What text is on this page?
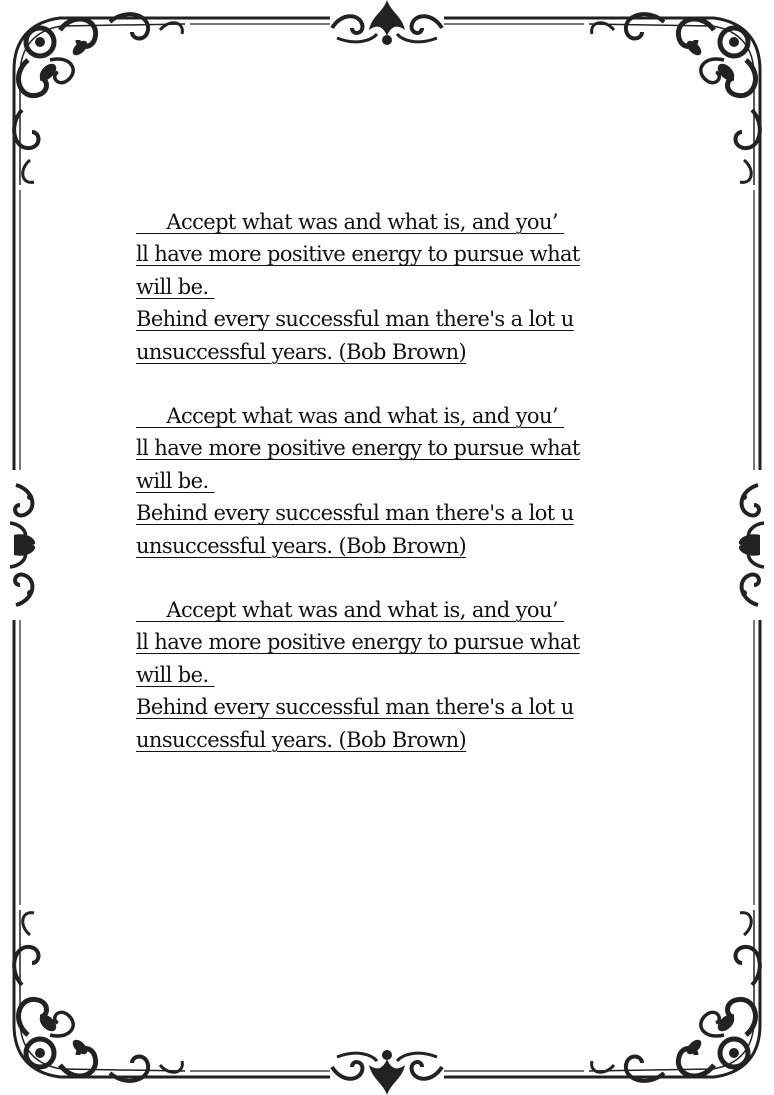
Accept what was and what is, and you’
ll have more positive energy to pursue what
will be.
Behind every successful man there's a lot u
unsuccessful years. (Bob Brown)
Accept what was and what is, and you’
ll have more positive energy to pursue what
will be.
Behind every successful man there's a lot u
unsuccessful years. (Bob Brown)
Accept what was and what is, and you’
ll have more positive energy to pursue what
will be.
Behind every successful man there's a lot u
unsuccessful years. (Bob Brown)
